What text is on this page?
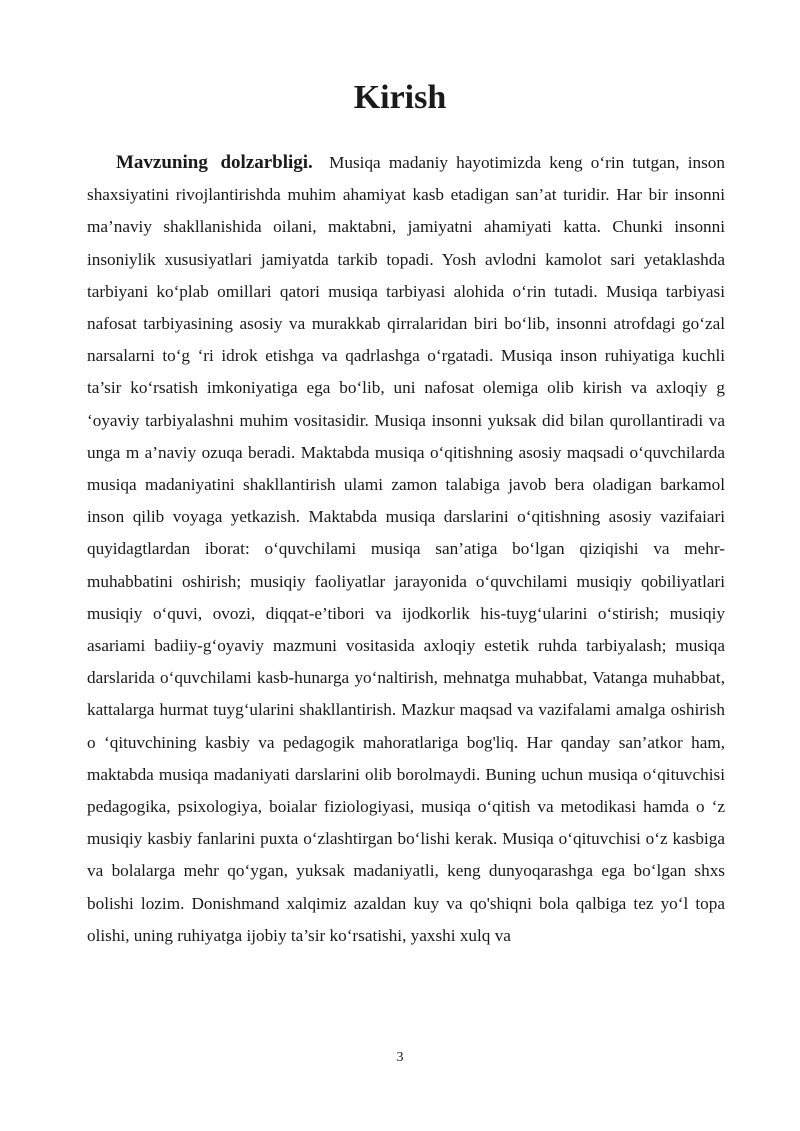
Kirish

Mavzuning dolzarbligi. Musiqa madaniy hayotimizda keng o‘rin tutgan, inson shaxsiyatini rivojlantirishda muhim ahamiyat kasb etadigan san’at turidir. Har bir insonni ma’naviy shakllanishida oilani, maktabni, jamiyatni ahamiyati katta. Chunki insonni insoniylik xususiyatlari jamiyatda tarkib topadi. Yosh avlodni kamolot sari yetaklashda tarbiyani ko‘plab omillari qatori musiqa tarbiyasi alohida o‘rin tutadi. Musiqa tarbiyasi nafosat tarbiyasining asosiy va murakkab qirralaridan biri bo‘lib, insonni atrofdagi go‘zal narsalarni to‘g ‘ri idrok etishga va qadrlashga o‘rgatadi. Musiqa inson ruhiyatiga kuchli ta’sir ko‘rsatish imkoniyatiga ega bo‘lib, uni nafosat olemiga olib kirish va axloqiy g ‘oyaviy tarbiyalashni muhim vositasidir. Musiqa insonni yuksak did bilan qurollantiradi va unga m a’naviy ozuqa beradi. Maktabda musiqa o‘qitishning asosiy maqsadi o‘quvchilarda musiqa madaniyatini shakllantirish ulami zamon talabiga javob bera oladigan barkamol inson qilib voyaga yetkazish. Maktabda musiqa darslarini o‘qitishning asosiy vazifaiari quyidagtlardan iborat: o‘quvchilami musiqa san’atiga bo‘lgan qiziqishi va mehr-muhabbatini oshirish; musiqiy faoliyatlar jarayonida o‘quvchilami musiqiy qobiliyatlari musiqiy o‘quvi, ovozi, diqqat-e’tibori va ijodkorlik his-tuyg‘ularini o‘stirish; musiqiy asariami badiiy-g‘oyaviy mazmuni vositasida axloqiy estetik ruhda tarbiyalash; musiqa darslarida o‘quvchilami kasb-hunarga yo‘naltirish, mehnatga muhabbat, Vatanga muhabbat, kattalarga hurmat tuyg‘ularini shakllantirish. Mazkur maqsad va vazifalami amalga oshirish o ‘qituvchining kasbiy va pedagogik mahoratlariga bog'liq. Har qanday san’atkor ham, maktabda musiqa madaniyati darslarini olib borolmaydi. Buning uchun musiqa o‘qituvchisi pedagogika, psixologiya, boialar fiziologiyasi, musiqa o‘qitish va metodikasi hamda o ‘z musiqiy kasbiy fanlarini puxta o‘zlashtirgan bo‘lishi kerak. Musiqa o‘qituvchisi o‘z kasbiga va bolalarga mehr qo‘ygan, yuksak madaniyatli, keng dunyoqarashga ega bo‘lgan shxs bolishi lozim. Donishmand xalqimiz azaldan kuy va qo'shiqni bola qalbiga tez yo‘l topa olishi, uning ruhiyatga ijobiy ta’sir ko‘rsatishi, yaxshi xulq va

3
